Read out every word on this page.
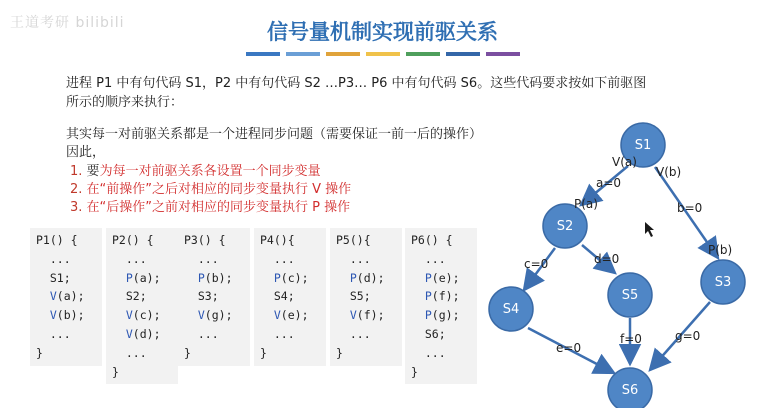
王道考研 bilibili	信号量机制实现前驱关系
进程 P1 中有句代码 S1，P2 中有句代码 S2 …P3… P6 中有句代码 S6。这些代码要求按如下前驱图所示的顺序来执行：
其实每一对前驱关系都是一个进程同步问题（需要保证一前一后的操作）
因此，
1. 要为每一对前驱关系各设置一个同步变量
2. 在“前操作”之后对相应的同步变量执行 V 操作
3. 在“后操作”之前对相应的同步变量执行 P 操作
P1() {
...
S1;
V(a);
V(b);
...
}
P2() {
...
P(a);
S2;
V(c);
V(d);
...
}
P3() {
...
P(b);
S3;
V(g);
...
}
P4(){
...
P(c);
S4;
V(e);
...
}
P5(){
...
P(d);
S5;
V(f);
...
}
P6() {
...
P(e);
P(f);
P(g);
S6;
...
}
S1
S2
S3
S4
S5
S6
V(a)
a=0
P(a)
V(b)
b=0
P(b)
c=0	d=0
e=0
f=0	g=0
